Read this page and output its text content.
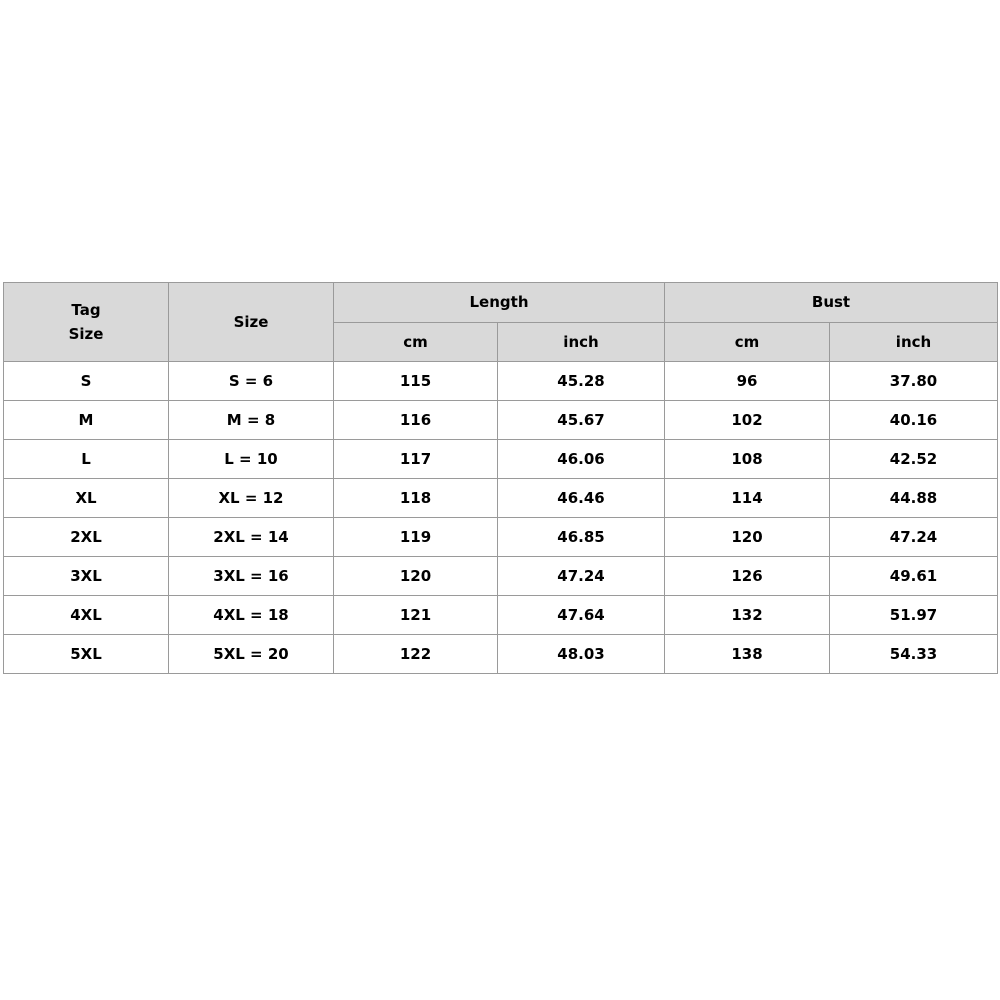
Tag
Size	Size	Length		Bust	
		cm	inch	cm	inch
S	S = 6	115	45.28	96	37.80
M	M = 8	116	45.67	102	40.16
L	L = 10	117	46.06	108	42.52
XL	XL = 12	118	46.46	114	44.88
2XL	2XL = 14	119	46.85	120	47.24
3XL	3XL = 16	120	47.24	126	49.61
4XL	4XL = 18	121	47.64	132	51.97
5XL	5XL = 20	122	48.03	138	54.33
